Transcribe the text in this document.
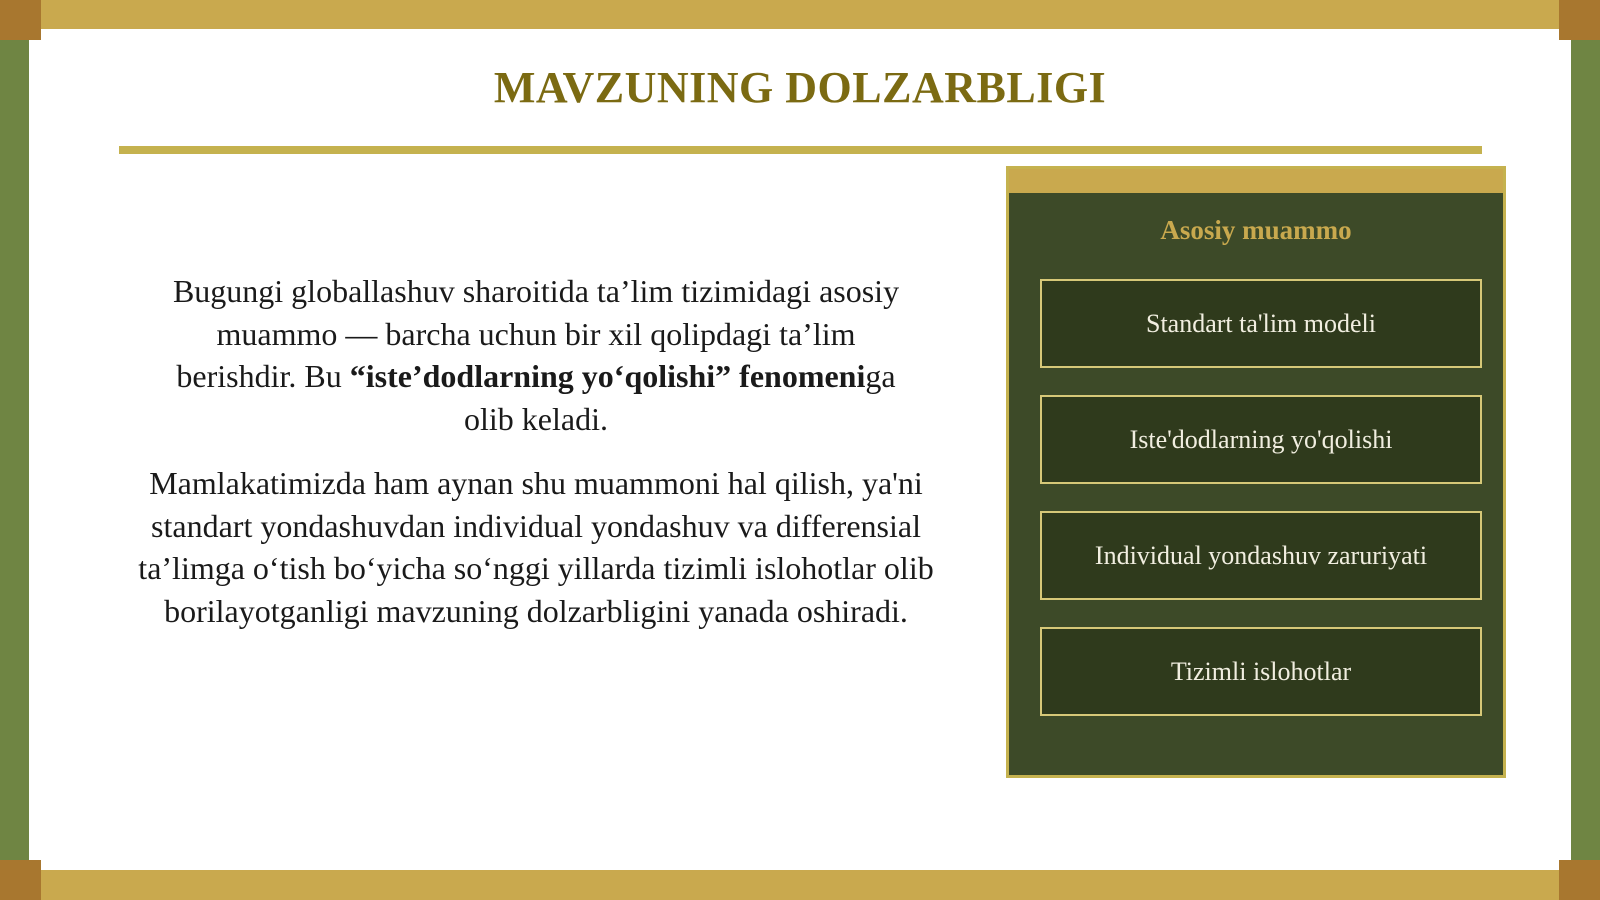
MAVZUNING DOLZARBLIGI

Bugungi globallashuv sharoitida ta’lim tizimidagi asosiy muammo — barcha uchun bir xil qolipdagi ta’lim berishdir. Bu “iste’dodlarning yo‘qolishi” fenomeniga olib keladi.

Mamlakatimizda ham aynan shu muammoni hal qilish, ya'ni standart yondashuvdan individual yondashuv va differensial ta’limga o‘tish bo‘yicha so‘nggi yillarda tizimli islohotlar olib borilayotganligi mavzuning dolzarbligini yanada oshiradi.

Asosiy muammo
Standart ta'lim modeli
Iste'dodlarning yo'qolishi
Individual yondashuv zaruriyati
Tizimli islohotlar
